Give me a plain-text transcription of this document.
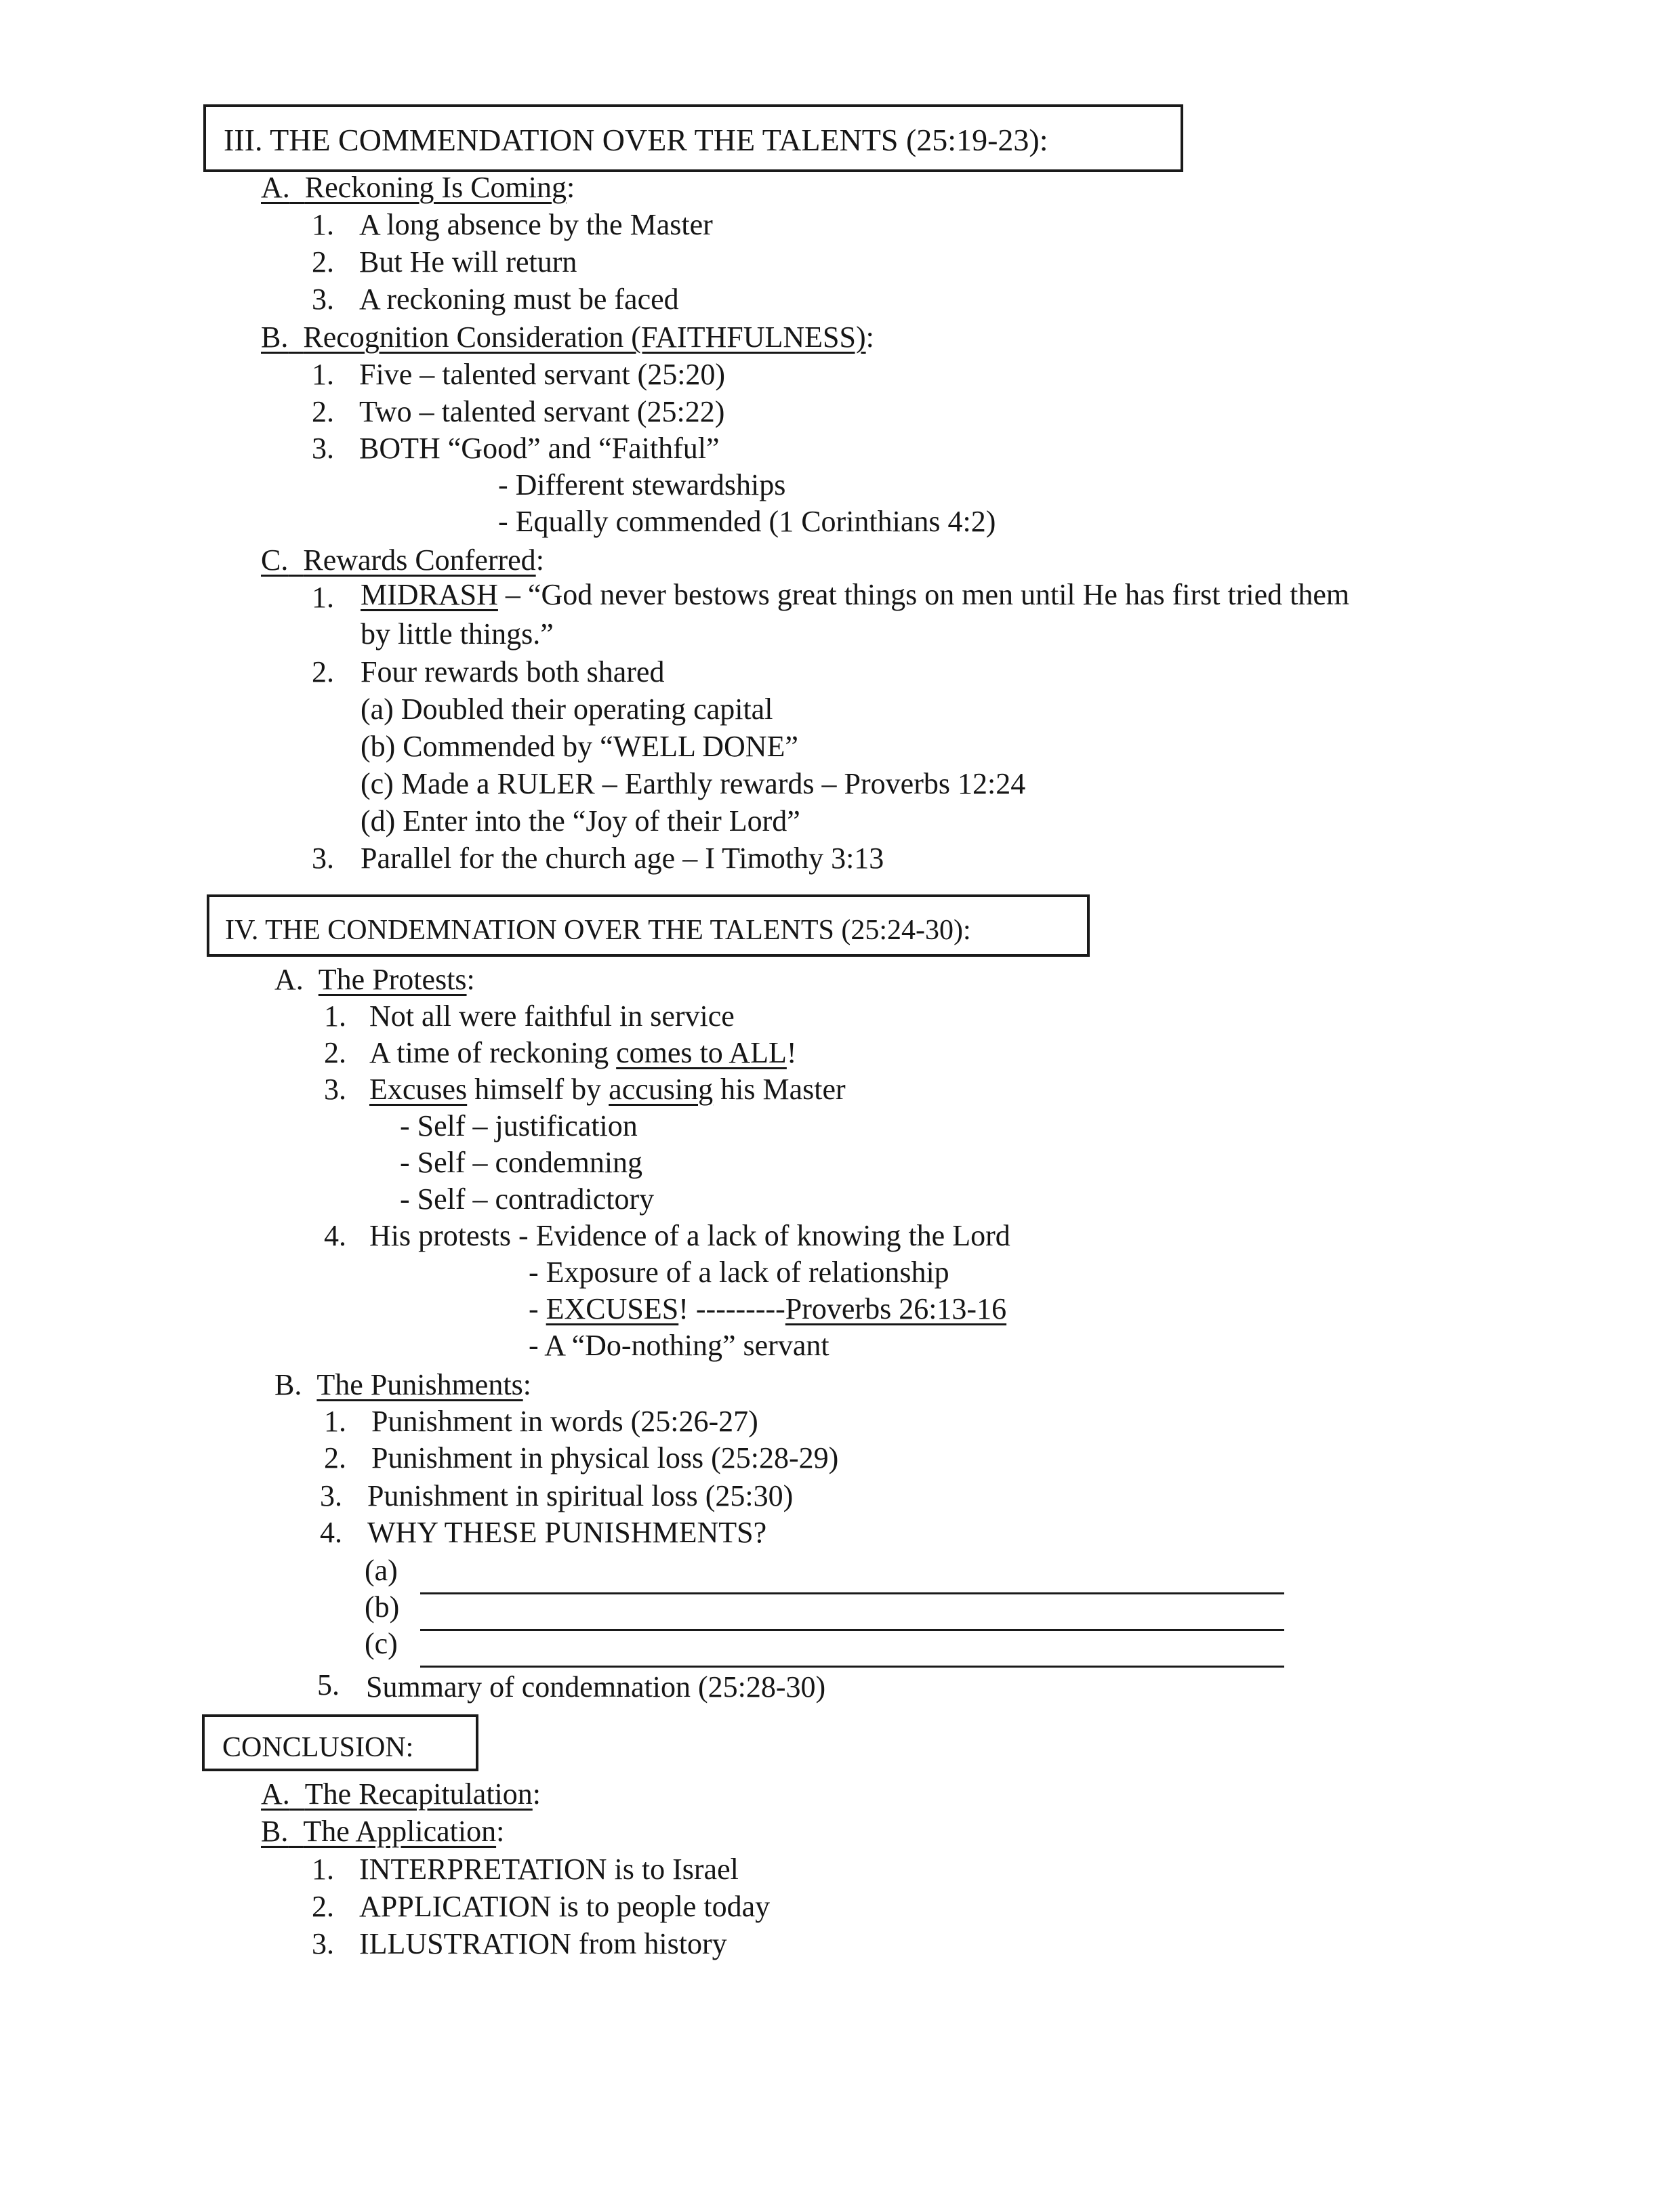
III. THE COMMENDATION OVER THE TALENTS (25:19-23):
A. Reckoning Is Coming:
1. A long absence by the Master
2. But He will return
3. A reckoning must be faced
B. Recognition Consideration (FAITHFULNESS):
1. Five – talented servant (25:20)
2. Two – talented servant (25:22)
3. BOTH “Good” and “Faithful”
- Different stewardships
- Equally commended (1 Corinthians 4:2)
C. Rewards Conferred:
1. MIDRASH – “God never bestows great things on men until He has first tried them
by little things.”
2. Four rewards both shared
(a) Doubled their operating capital
(b) Commended by “WELL DONE”
(c) Made a RULER – Earthly rewards – Proverbs 12:24
(d) Enter into the “Joy of their Lord”
3. Parallel for the church age – I Timothy 3:13
IV. THE CONDEMNATION OVER THE TALENTS (25:24-30):
A. The Protests:
1. Not all were faithful in service
2. A time of reckoning comes to ALL!
3. Excuses himself by accusing his Master
- Self – justification
- Self – condemning
- Self – contradictory
4. His protests - Evidence of a lack of knowing the Lord
- Exposure of a lack of relationship
- EXCUSES! ---------Proverbs 26:13-16
- A “Do-nothing” servant
B. The Punishments:
1. Punishment in words (25:26-27)
2. Punishment in physical loss (25:28-29)
3. Punishment in spiritual loss (25:30)
4. WHY THESE PUNISHMENTS?
(a)
(b)
(c)
5. Summary of condemnation (25:28-30)
CONCLUSION:
A. The Recapitulation:
B. The Application:
1. INTERPRETATION is to Israel
2. APPLICATION is to people today
3. ILLUSTRATION from history
